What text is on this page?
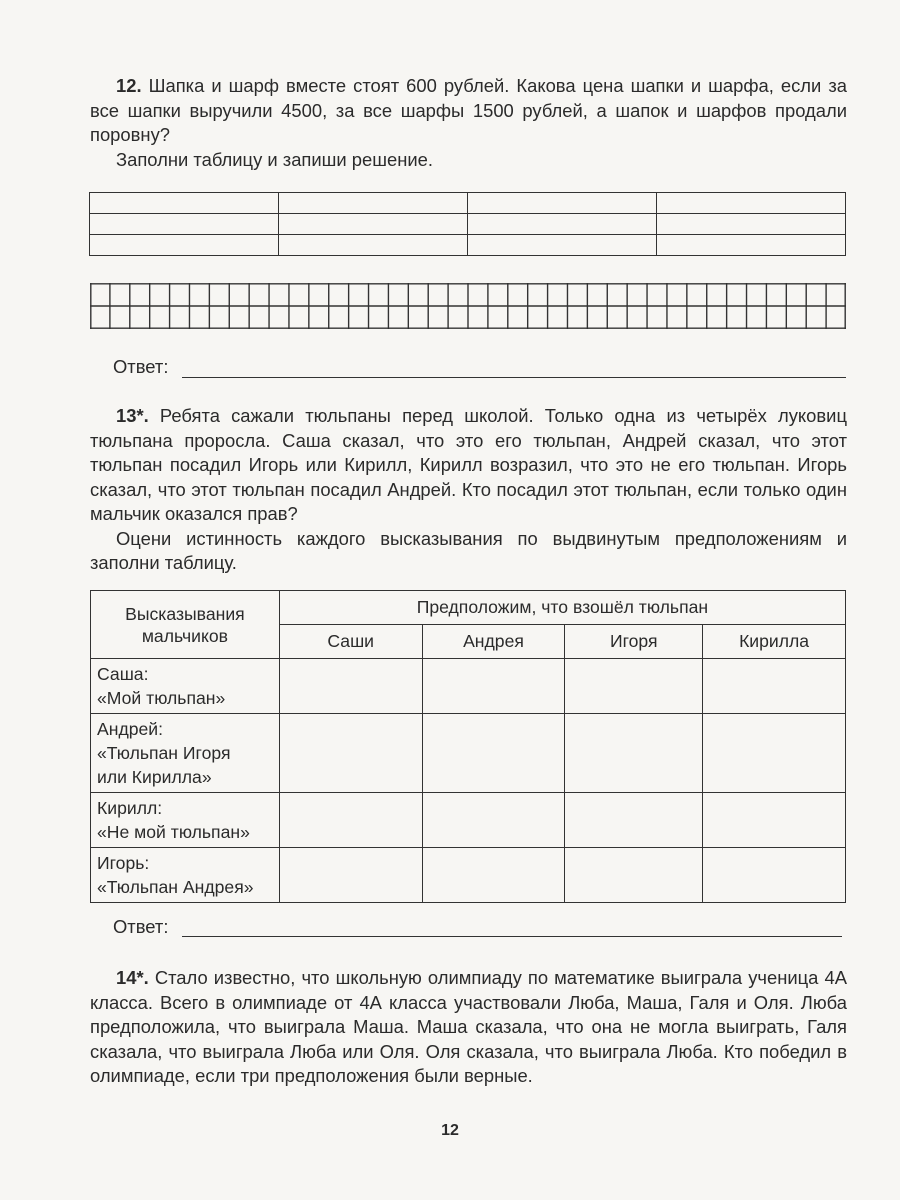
12. Шапка и шарф вместе стоят 600 рублей. Какова цена шапки и шарфа, если за все шапки выручили 4500, за все шарфы 1500 рублей, а шапок и шарфов продали поровну?

Заполни таблицу и запиши решение.

Ответ:

13*. Ребята сажали тюльпаны перед школой. Только одна из четырёх луковиц тюльпана проросла. Саша сказал, что это его тюльпан, Андрей сказал, что этот тюльпан посадил Игорь или Кирилл, Кирилл возразил, что это не его тюльпан. Игорь сказал, что этот тюльпан посадил Андрей. Кто посадил этот тюльпан, если только один мальчик оказался прав?

Оцени истинность каждого высказывания по выдвинутым предположениям и заполни таблицу.

Высказывания
мальчиков	Предположим, что взошёл тюльпан			
	Саши	Андрея	Игоря	Кирилла

Саша:
«Мой тюльпан»				

Андрей:
«Тюльпан Игоря
или Кирилла»				

Кирилл:
«Не мой тюльпан»				

Игорь:
«Тюльпан Андрея»				

Ответ:

14*. Стало известно, что школьную олимпиаду по математике выиграла ученица 4А класса. Всего в олимпиаде от 4А класса участвовали Люба, Маша, Галя и Оля. Люба предположила, что выиграла Маша. Маша сказала, что она не могла выиграть, Галя сказала, что выиграла Люба или Оля. Оля сказала, что выиграла Люба. Кто победил в олимпиаде, если три предположения были верные.

12
